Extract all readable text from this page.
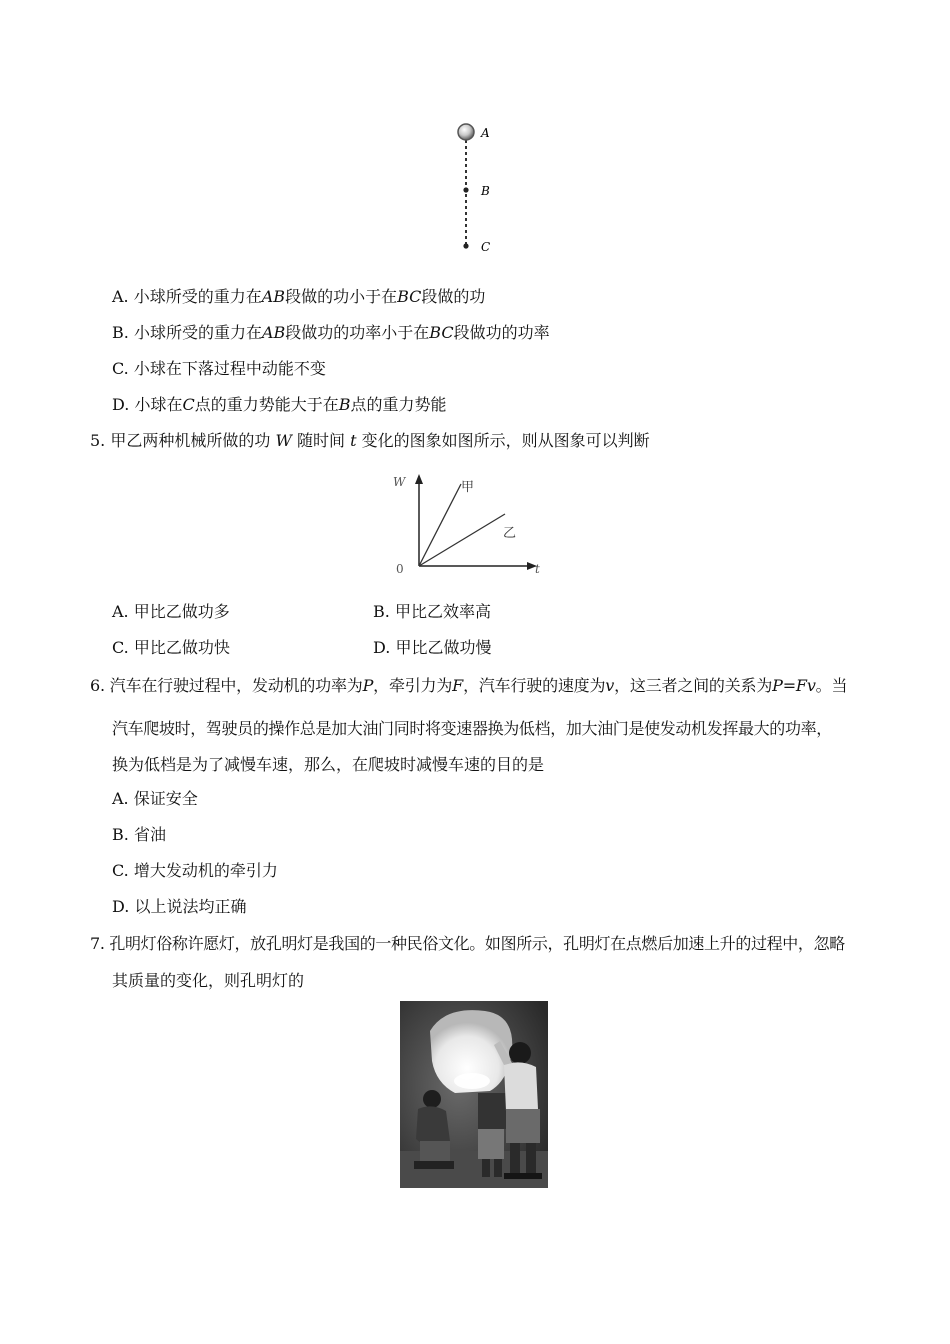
A
B
C
A. 小球所受的重力在AB段做的功小于在BC段做的功
B. 小球所受的重力在AB段做功的功率小于在BC段做功的功率
C. 小球在下落过程中动能不变
D. 小球在C点的重力势能大于在B点的重力势能
5. 甲乙两种机械所做的功 W 随时间 t 变化的图象如图所示，则从图象可以判断
W
t
0
甲
乙
A. 甲比乙做功多	B. 甲比乙效率高
C. 甲比乙做功快	D. 甲比乙做功慢
6. 汽车在行驶过程中，发动机的功率为P，牵引力为F，汽车行驶的速度为v，这三者之间的关系为P=Fv。当
汽车爬坡时，驾驶员的操作总是加大油门同时将变速器换为低档，加大油门是使发动机发挥最大的功率，
换为低档是为了减慢车速，那么，在爬坡时减慢车速的目的是
A. 保证安全
B. 省油
C. 增大发动机的牵引力
D. 以上说法均正确
7. 孔明灯俗称许愿灯，放孔明灯是我国的一种民俗文化。如图所示，孔明灯在点燃后加速上升的过程中，忽略
其质量的变化，则孔明灯的
